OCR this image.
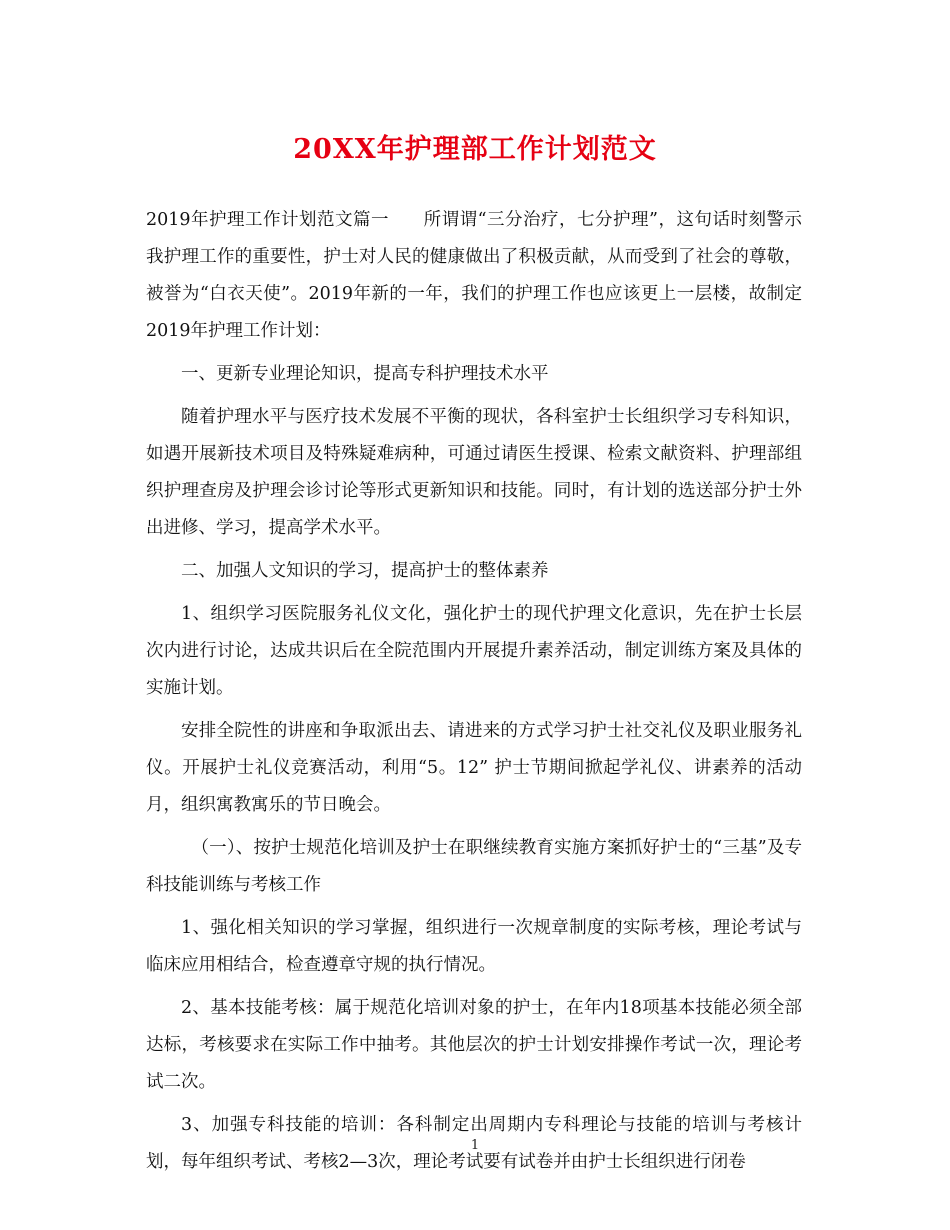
20XX年护理部工作计划范文

2019年护理工作计划范文篇一 所谓谓“三分治疗，七分护理”，这句话时刻警示我护理工作的重要性，护士对人民的健康做出了积极贡献，从而受到了社会的尊敬，被誉为“白衣天使”。2019年新的一年，我们的护理工作也应该更上一层楼，故制定2019年护理工作计划：

一、更新专业理论知识，提高专科护理技术水平

随着护理水平与医疗技术发展不平衡的现状，各科室护士长组织学习专科知识，如遇开展新技术项目及特殊疑难病种，可通过请医生授课、检索文献资料、护理部组织护理查房及护理会诊讨论等形式更新知识和技能。同时，有计划的选送部分护士外出进修、学习，提高学术水平。

二、加强人文知识的学习，提高护士的整体素养

1、组织学习医院服务礼仪文化，强化护士的现代护理文化意识，先在护士长层次内进行讨论，达成共识后在全院范围内开展提升素养活动，制定训练方案及具体的实施计划。

安排全院性的讲座和争取派出去、请进来的方式学习护士社交礼仪及职业服务礼仪。开展护士礼仪竞赛活动，利用“5。12” 护士节期间掀起学礼仪、讲素养的活动月，组织寓教寓乐的节日晚会。

（一）、按护士规范化培训及护士在职继续教育实施方案抓好护士的“三基”及专科技能训练与考核工作

1、强化相关知识的学习掌握，组织进行一次规章制度的实际考核，理论考试与临床应用相结合，检查遵章守规的执行情况。

2、基本技能考核：属于规范化培训对象的护士，在年内18项基本技能必须全部达标，考核要求在实际工作中抽考。其他层次的护士计划安排操作考试一次，理论考试二次。

3、加强专科技能的培训：各科制定出周期内专科理论与技能的培训与考核计划，每年组织考试、考核2—3次，理论考试要有试卷并由护士长组织进行闭卷

1
